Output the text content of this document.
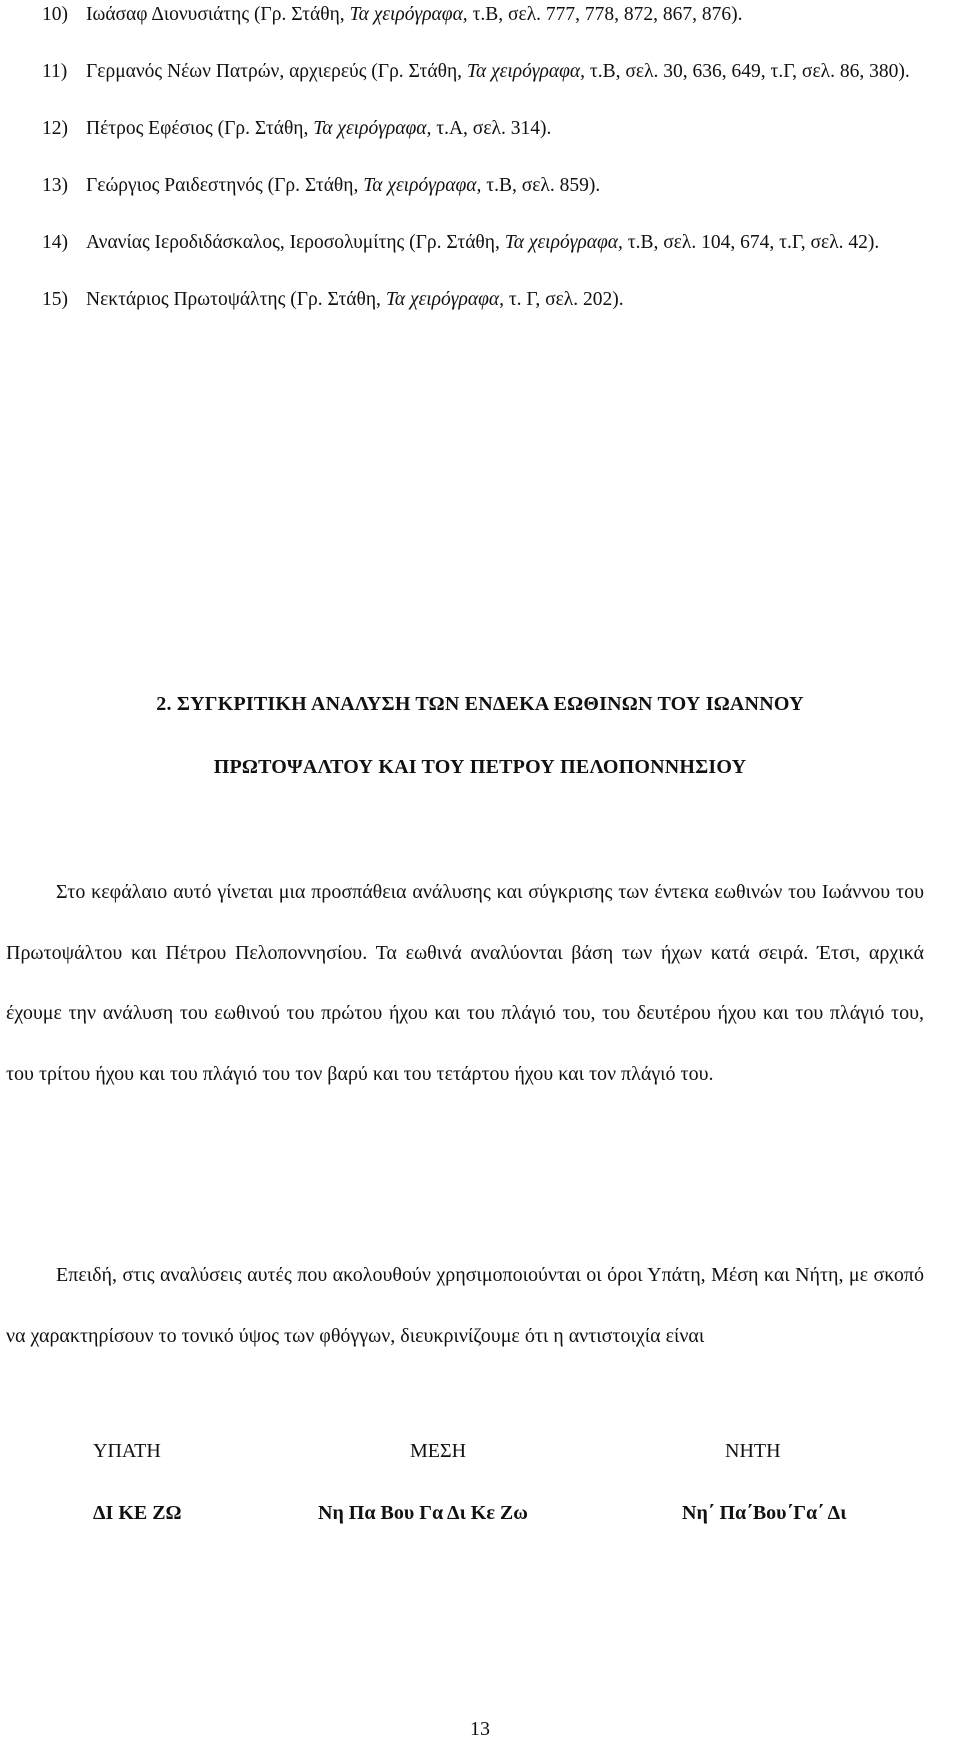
10) Ιωάσαφ Διονυσιάτης (Γρ. Στάθη, Τα χειρόγραφα, τ.Β, σελ. 777, 778, 872, 867, 876).
11) Γερμανός Νέων Πατρών, αρχιερεύς (Γρ. Στάθη, Τα χειρόγραφα, τ.Β, σελ. 30, 636, 649, τ.Γ, σελ. 86, 380).
12) Πέτρος Εφέσιος (Γρ. Στάθη, Τα χειρόγραφα, τ.Α, σελ. 314).
13) Γεώργιος Ραιδεστηνός (Γρ. Στάθη, Τα χειρόγραφα, τ.Β, σελ. 859).
14) Ανανίας Ιεροδιδάσκαλος, Ιεροσολυμίτης (Γρ. Στάθη, Τα χειρόγραφα, τ.Β, σελ. 104, 674, τ.Γ, σελ. 42).
15) Νεκτάριος Πρωτοψάλτης (Γρ. Στάθη, Τα χειρόγραφα, τ. Γ, σελ. 202).
2. ΣΥΓΚΡΙΤΙΚΗ ΑΝΑΛΥΣΗ ΤΩΝ ΕΝΔΕΚΑ ΕΩΘΙΝΩΝ ΤΟΥ ΙΩΑΝΝΟΥ
ΠΡΩΤΟΨΑΛΤΟΥ ΚΑΙ ΤΟΥ ΠΕΤΡΟΥ ΠΕΛΟΠΟΝΝΗΣΙΟΥ

Στο κεφάλαιο αυτό γίνεται μια προσπάθεια ανάλυσης και σύγκρισης των έντεκα εωθινών του Ιωάννου του Πρωτοψάλτου και Πέτρου Πελοποννησίου. Τα εωθινά αναλύονται βάση των ήχων κατά σειρά. Έτσι, αρχικά έχουμε την ανάλυση του εωθινού του πρώτου ήχου και του πλάγιό του, του δευτέρου ήχου και του πλάγιό του, του τρίτου ήχου και του πλάγιό του τον βαρύ και του τετάρτου ήχου και τον πλάγιό του.

Επειδή, στις αναλύσεις αυτές που ακολουθούν χρησιμοποιούνται οι όροι Υπάτη, Μέση και Νήτη, με σκοπό να χαρακτηρίσουν το τονικό ύψος των φθόγγων, διευκρινίζουμε ότι η αντιστοιχία είναι

ΥΠΑΤΗ	ΜΕΣΗ	ΝΗΤΗ
ΔΙ ΚΕ ΖΩ	Νη Πα Βου Γα Δι Κε Ζω	Νη΄ Πα΄Βου΄Γα΄ Δι
13
